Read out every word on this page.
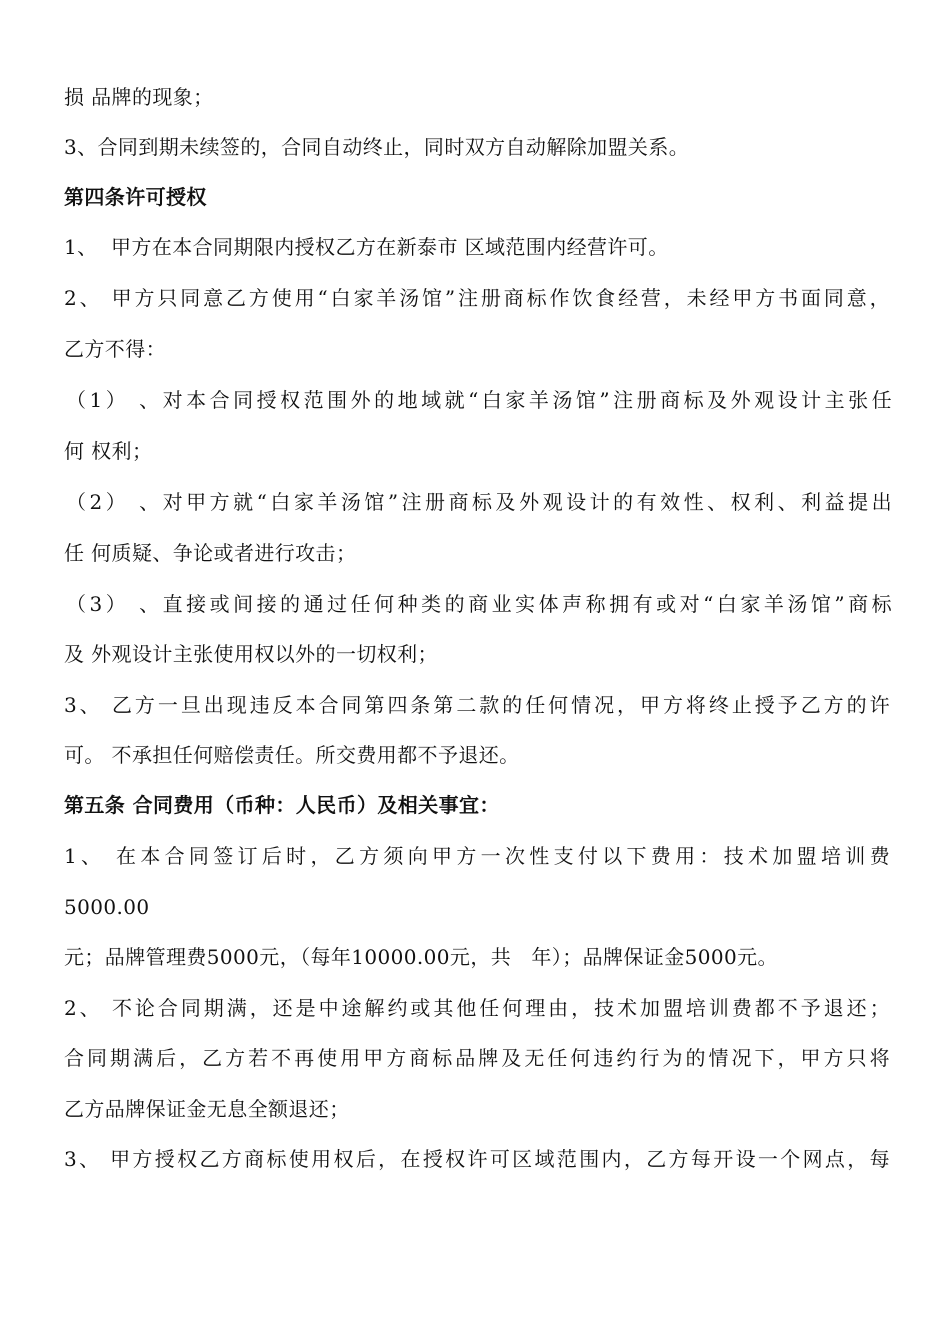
损 品牌的现象；
3、合同到期未续签的，合同自动终止，同时双方自动解除加盟关系。
第四条许可授权
1、  甲方在本合同期限内授权乙方在新泰市 区域范围内经营许可。
2、 甲方只同意乙方使用“白家羊汤馆”注册商标作饮食经营，未经甲方书面同意，
乙方不得：
（1） 、对本合同授权范围外的地域就“白家羊汤馆”注册商标及外观设计主张任
何 权利；
（2） 、对甲方就“白家羊汤馆”注册商标及外观设计的有效性、权利、利益提出
任 何质疑、争论或者进行攻击；
（3） 、直接或间接的通过任何种类的商业实体声称拥有或对“白家羊汤馆”商标
及 外观设计主张使用权以外的一切权利；
3、 乙方一旦出现违反本合同第四条第二款的任何情况，甲方将终止授予乙方的许
可。 不承担任何赔偿责任。所交费用都不予退还。
第五条 合同费用（币种：人民币）及相关事宜：
1、 在本合同签订后时，乙方须向甲方一次性支付以下费用：技术加盟培训费
5000.00
元；品牌管理费5000元，（每年10000.00元，共   年）；品牌保证金5000元。
2、 不论合同期满，还是中途解约或其他任何理由，技术加盟培训费都不予退还；
合同期满后，乙方若不再使用甲方商标品牌及无任何违约行为的情况下，甲方只将
乙方品牌保证金无息全额退还；
3、 甲方授权乙方商标使用权后，在授权许可区域范围内，乙方每开设一个网点，每
